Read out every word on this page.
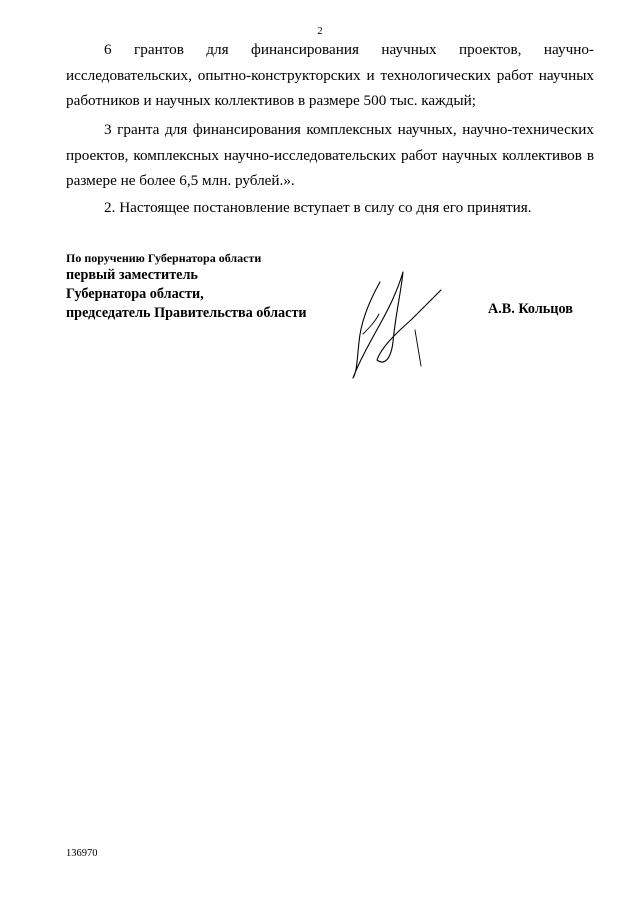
2

6 грантов для финансирования научных проектов, научно-
исследовательских, опытно-конструкторских и технологических работ научных
работников и научных коллективов в размере 500 тыс. каждый;

3 гранта для финансирования комплексных научных, научно-технических
проектов, комплексных научно-исследовательских работ научных коллективов в
размере не более 6,5 млн. рублей.».

2. Настоящее постановление вступает в силу со дня его принятия.

По поручению Губернатора области
первый заместитель
Губернатора области,
председатель Правительства области	А.В. Кольцов
136970
